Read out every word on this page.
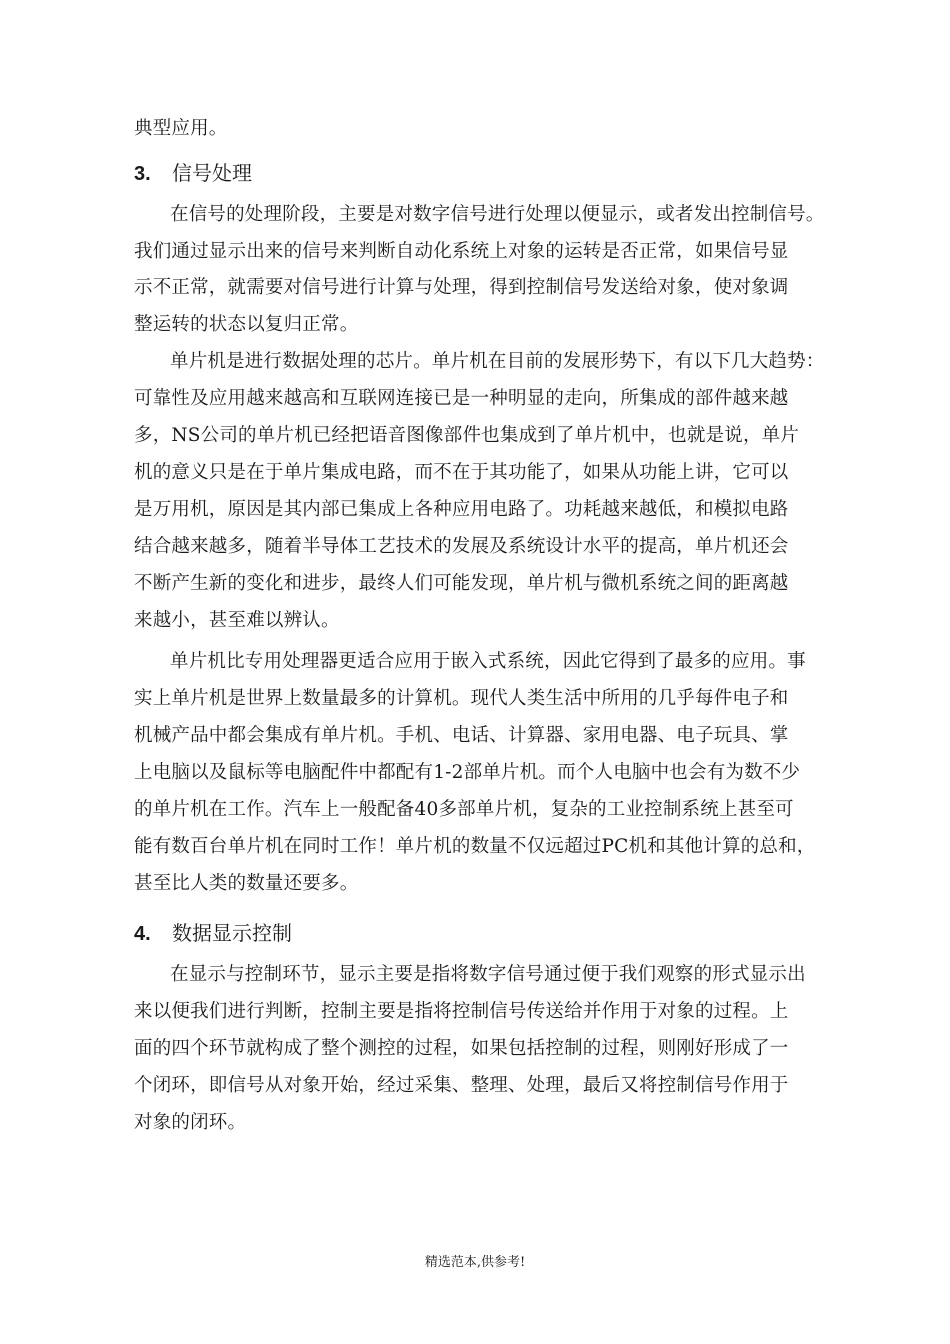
典型应用。
3. 信号处理
在信号的处理阶段，主要是对数字信号进行处理以便显示，或者发出控制信号。
我们通过显示出来的信号来判断自动化系统上对象的运转是否正常，如果信号显
示不正常，就需要对信号进行计算与处理，得到控制信号发送给对象，使对象调
整运转的状态以复归正常。
单片机是进行数据处理的芯片。单片机在目前的发展形势下，有以下几大趋势：
可靠性及应用越来越高和互联网连接已是一种明显的走向，所集成的部件越来越
多，NS公司的单片机已经把语音图像部件也集成到了单片机中，也就是说，单片
机的意义只是在于单片集成电路，而不在于其功能了，如果从功能上讲，它可以
是万用机，原因是其内部已集成上各种应用电路了。功耗越来越低，和模拟电路
结合越来越多，随着半导体工艺技术的发展及系统设计水平的提高，单片机还会
不断产生新的变化和进步，最终人们可能发现，单片机与微机系统之间的距离越
来越小，甚至难以辨认。
单片机比专用处理器更适合应用于嵌入式系统，因此它得到了最多的应用。事
实上单片机是世界上数量最多的计算机。现代人类生活中所用的几乎每件电子和
机械产品中都会集成有单片机。手机、电话、计算器、家用电器、电子玩具、掌
上电脑以及鼠标等电脑配件中都配有1-2部单片机。而个人电脑中也会有为数不少
的单片机在工作。汽车上一般配备40多部单片机，复杂的工业控制系统上甚至可
能有数百台单片机在同时工作！单片机的数量不仅远超过PC机和其他计算的总和，
甚至比人类的数量还要多。
4. 数据显示控制
在显示与控制环节，显示主要是指将数字信号通过便于我们观察的形式显示出
来以便我们进行判断，控制主要是指将控制信号传送给并作用于对象的过程。上
面的四个环节就构成了整个测控的过程，如果包括控制的过程，则刚好形成了一
个闭环，即信号从对象开始，经过采集、整理、处理，最后又将控制信号作用于
对象的闭环。
精选范本,供参考!
